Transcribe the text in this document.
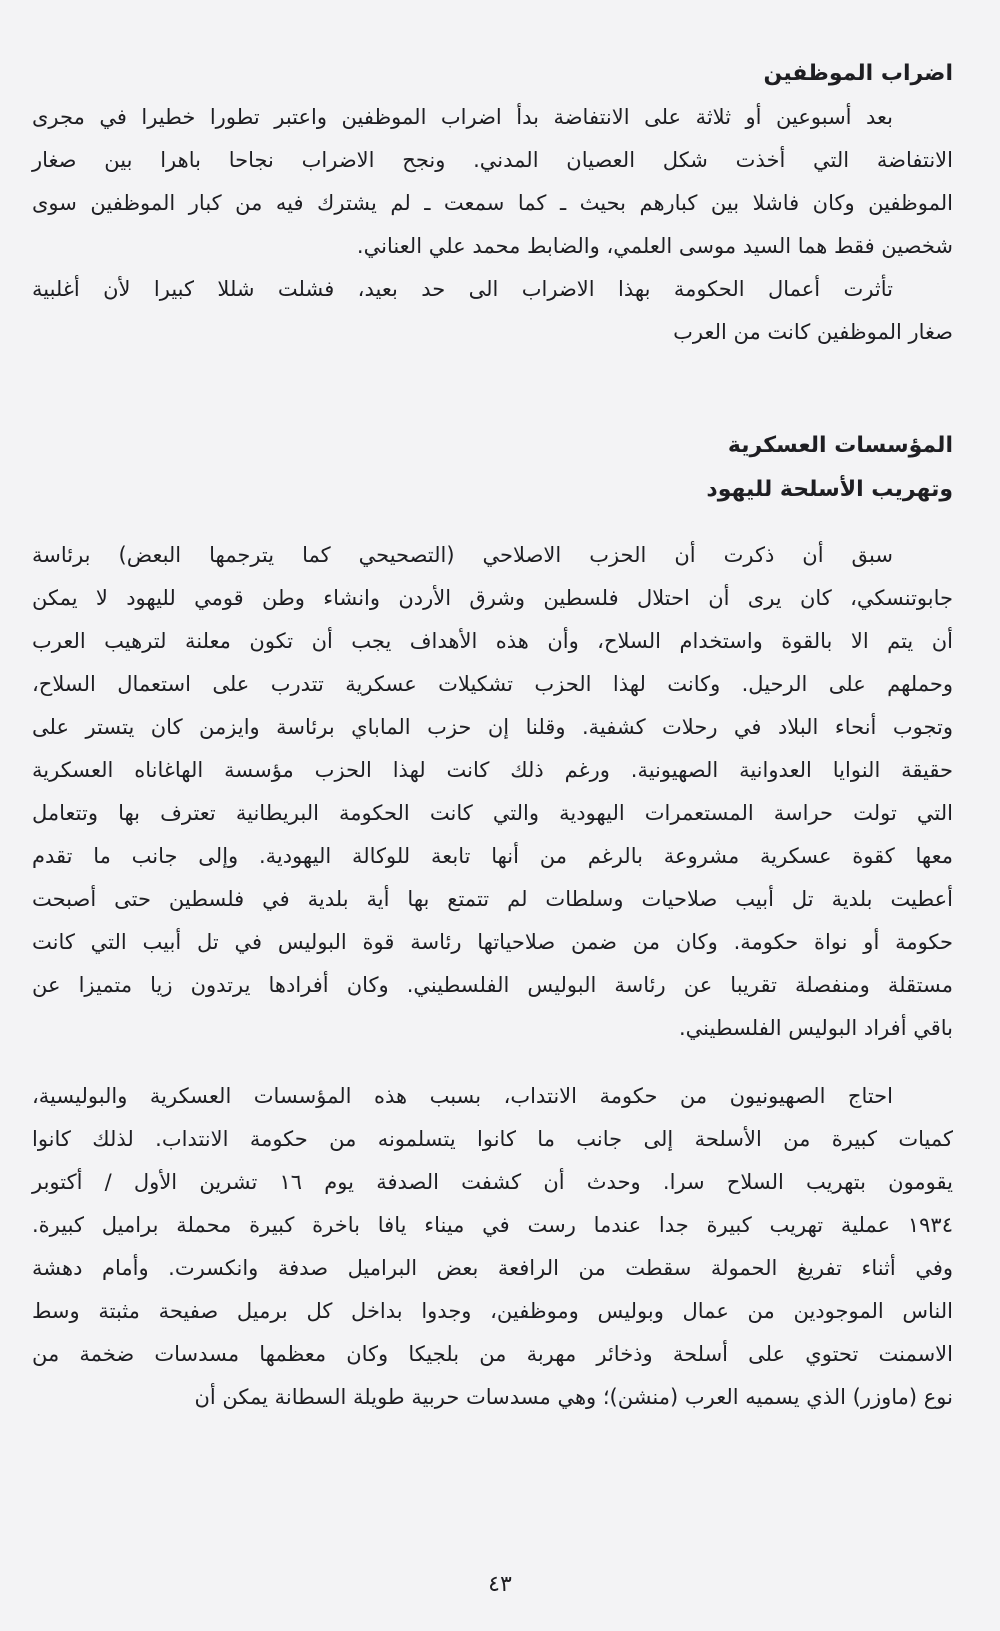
اضراب الموظفين
بعد أسبوعين أو ثلاثة على الانتفاضة بدأ اضراب الموظفين واعتبر تطورا خطيرا في مجرى
الانتفاضة التي أخذت شكل العصيان المدني. ونجح الاضراب نجاحا باهرا بين صغار
الموظفين وكان فاشلا بين كبارهم بحيث ـ كما سمعت ـ لم يشترك فيه من كبار الموظفين سوى
شخصين فقط هما السيد موسى العلمي، والضابط محمد علي العناني.
تأثرت أعمال الحكومة بهذا الاضراب الى حد بعيد، فشلت شللا كبيرا لأن أغلبية
صغار الموظفين كانت من العرب
المؤسسات العسكرية
وتهريب الأسلحة لليهود
سبق أن ذكرت أن الحزب الاصلاحي (التصحيحي كما يترجمها البعض) برئاسة
جابوتنسكي، كان يرى أن احتلال فلسطين وشرق الأردن وانشاء وطن قومي لليهود لا يمكن
أن يتم الا بالقوة واستخدام السلاح، وأن هذه الأهداف يجب أن تكون معلنة لترهيب العرب
وحملهم على الرحيل. وكانت لهذا الحزب تشكيلات عسكرية تتدرب على استعمال السلاح،
وتجوب أنحاء البلاد في رحلات كشفية. وقلنا إن حزب الماباي برئاسة وايزمن كان يتستر على
حقيقة النوايا العدوانية الصهيونية. ورغم ذلك كانت لهذا الحزب مؤسسة الهاغاناه العسكرية
التي تولت حراسة المستعمرات اليهودية والتي كانت الحكومة البريطانية تعترف بها وتتعامل
معها كقوة عسكرية مشروعة بالرغم من أنها تابعة للوكالة اليهودية. وإلى جانب ما تقدم
أعطيت بلدية تل أبيب صلاحيات وسلطات لم تتمتع بها أية بلدية في فلسطين حتى أصبحت
حكومة أو نواة حكومة. وكان من ضمن صلاحياتها رئاسة قوة البوليس في تل أبيب التي كانت
مستقلة ومنفصلة تقريبا عن رئاسة البوليس الفلسطيني. وكان أفرادها يرتدون زيا متميزا عن
باقي أفراد البوليس الفلسطيني.
احتاج الصهيونيون من حكومة الانتداب، بسبب هذه المؤسسات العسكرية والبوليسية،
كميات كبيرة من الأسلحة إلى جانب ما كانوا يتسلمونه من حكومة الانتداب. لذلك كانوا
يقومون بتهريب السلاح سرا. وحدث أن كشفت الصدفة يوم ١٦ تشرين الأول / أكتوبر
١٩٣٤ عملية تهريب كبيرة جدا عندما رست في ميناء يافا باخرة كبيرة محملة براميل كبيرة.
وفي أثناء تفريغ الحمولة سقطت من الرافعة بعض البراميل صدفة وانكسرت. وأمام دهشة
الناس الموجودين من عمال وبوليس وموظفين، وجدوا بداخل كل برميل صفيحة مثبتة وسط
الاسمنت تحتوي على أسلحة وذخائر مهربة من بلجيكا وكان معظمها مسدسات ضخمة من
نوع (ماوزر) الذي يسميه العرب (منشن)؛ وهي مسدسات حربية طويلة السطانة يمكن أن
٤٣
